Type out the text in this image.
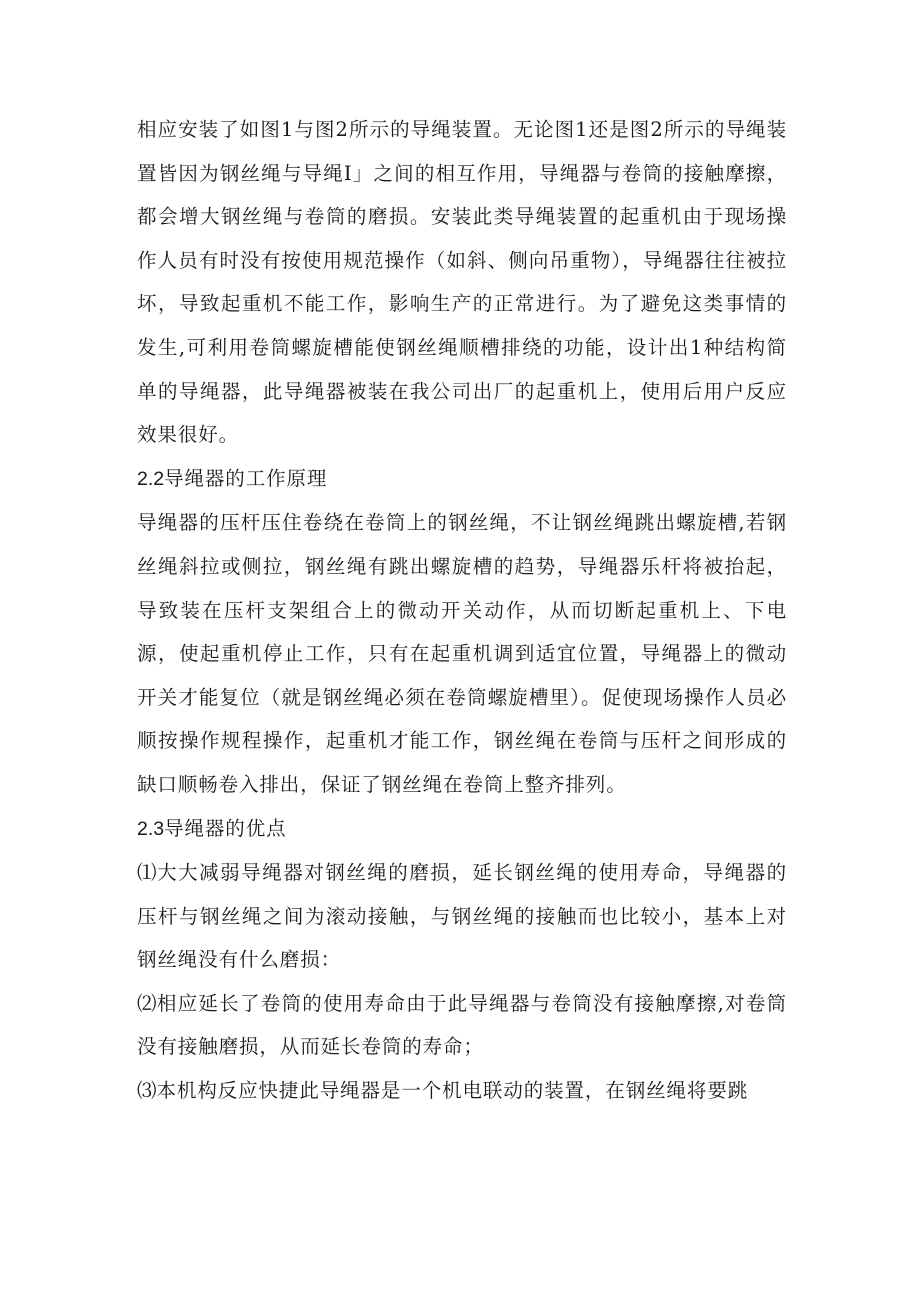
相应安装了如图1与图2所示的导绳装置。无论图1还是图2所示的导绳装置皆因为钢丝绳与导绳I」之间的相互作用，导绳器与卷筒的接触摩擦，都会增大钢丝绳与卷筒的磨损。安装此类导绳装置的起重机由于现场操作人员有时没有按使用规范操作（如斜、侧向吊重物），导绳器往往被拉坏，导致起重机不能工作，影响生产的正常进行。为了避免这类事情的发生,可利用卷筒螺旋槽能使钢丝绳顺槽排绕的功能，设计出1种结构简单的导绳器，此导绳器被装在我公司出厂的起重机上，使用后用户反应效果很好。

2.2导绳器的工作原理

导绳器的压杆压住卷绕在卷筒上的钢丝绳，不让钢丝绳跳出螺旋槽,若钢丝绳斜拉或侧拉，钢丝绳有跳出螺旋槽的趋势，导绳器乐杆将被抬起，导致装在压杆支架组合上的微动开关动作，从而切断起重机上、下电源，使起重机停止工作，只有在起重机调到适宜位置，导绳器上的微动开关才能复位（就是钢丝绳必须在卷筒螺旋槽里）。促使现场操作人员必顺按操作规程操作，起重机才能工作，钢丝绳在卷筒与压杆之间形成的缺口顺畅卷入排出，保证了钢丝绳在卷筒上整齐排列。

2.3导绳器的优点

⑴大大减弱导绳器对钢丝绳的磨损，延长钢丝绳的使用寿命，导绳器的压杆与钢丝绳之间为滚动接触，与钢丝绳的接触而也比较小，基本上对钢丝绳没有什么磨损：

⑵相应延长了卷筒的使用寿命由于此导绳器与卷筒没有接触摩擦,对卷筒没有接触磨损，从而延长卷筒的寿命；

⑶本机构反应快捷此导绳器是一个机电联动的装置，在钢丝绳将要跳
